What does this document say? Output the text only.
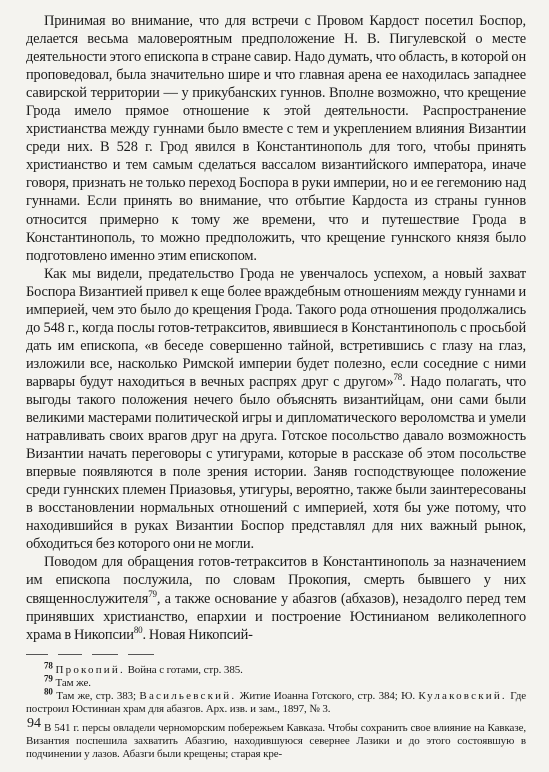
Принимая во внимание, что для встречи с Провом Кардост посетил Боспор, делается весьма маловероятным предположение Н. В. Пигулевской о месте деятельности этого епископа в стране савир. Надо думать, что область, в которой он проповедовал, была значительно шире и что главная арена ее находилась западнее савирской территории — у прикубанских гуннов. Вполне возможно, что крещение Грода имело прямое отношение к этой деятельности. Распространение христианства между гуннами было вместе с тем и укреплением влияния Византии среди них. В 528 г. Грод явился в Константинополь для того, чтобы принять христианство и тем самым сделаться вассалом византийского императора, иначе говоря, признать не только переход Боспора в руки империи, но и ее гегемонию над гуннами. Если принять во внимание, что отбытие Кардоста из страны гуннов относится примерно к тому же времени, что и путешествие Грода в Константинополь, то можно предположить, что крещение гуннского князя было подготовлено именно этим епископом.

Как мы видели, предательство Грода не увенчалось успехом, а новый захват Боспора Византией привел к еще более враждебным отношениям между гуннами и империей, чем это было до крещения Грода. Такого рода отношения продолжались до 548 г., когда послы готов-тетракситов, явившиеся в Константинополь с просьбой дать им епископа, «в беседе совершенно тайной, встретившись с глазу на глаз, изложили все, насколько Римской империи будет полезно, если соседние с ними варвары будут находиться в вечных распрях друг с другом»$^{78}$. Надо полагать, что выгоды такого положения нечего было объяснять византийцам, они сами были великими мастерами политической игры и дипломатического вероломства и умели натравливать своих врагов друг на друга. Готское посольство давало возможность Византии начать переговоры с утигурами, которые в рассказе об этом посольстве впервые появляются в поле зрения истории. Заняв господствующее положение среди гуннских племен Приазовья, утигуры, вероятно, также были заинтересованы в восстановлении нормальных отношений с империей, хотя бы уже потому, что находившийся в руках Византии Боспор представлял для них важный рынок, обходиться без которого они не могли.

Поводом для обращения готов-тетракситов в Константинополь за назначением им епископа послужила, по словам Прокопия, смерть бывшего у них священнослужителя$^{79}$, а также основание у абазгов (абхазов), незадолго перед тем принявших христианство, епархии и построение Юстинианом великолепного храма в Никопсии$^{80}$. Новая Никопсий-

$^{78}$ Прокопий. Война с готами, стр. 385.

$^{79}$ Там же.

$^{80}$ Там же, стр. 383; Васильевский. Житие Иоанна Готского, стр. 384; Ю. Кулаковский. Где построил Юстиниан храм для абазгов. Арх. изв. и зам., 1897, № 3.

В 541 г. персы овладели черноморским побережьем Кавказа. Чтобы сохранить свое влияние на Кавказе, Византия поспешила захватить Абазгию, находившуюся севернее Лазики и до этого состоявшую в подчинении у лазов. Абазги были крещены; старая кре-

94
